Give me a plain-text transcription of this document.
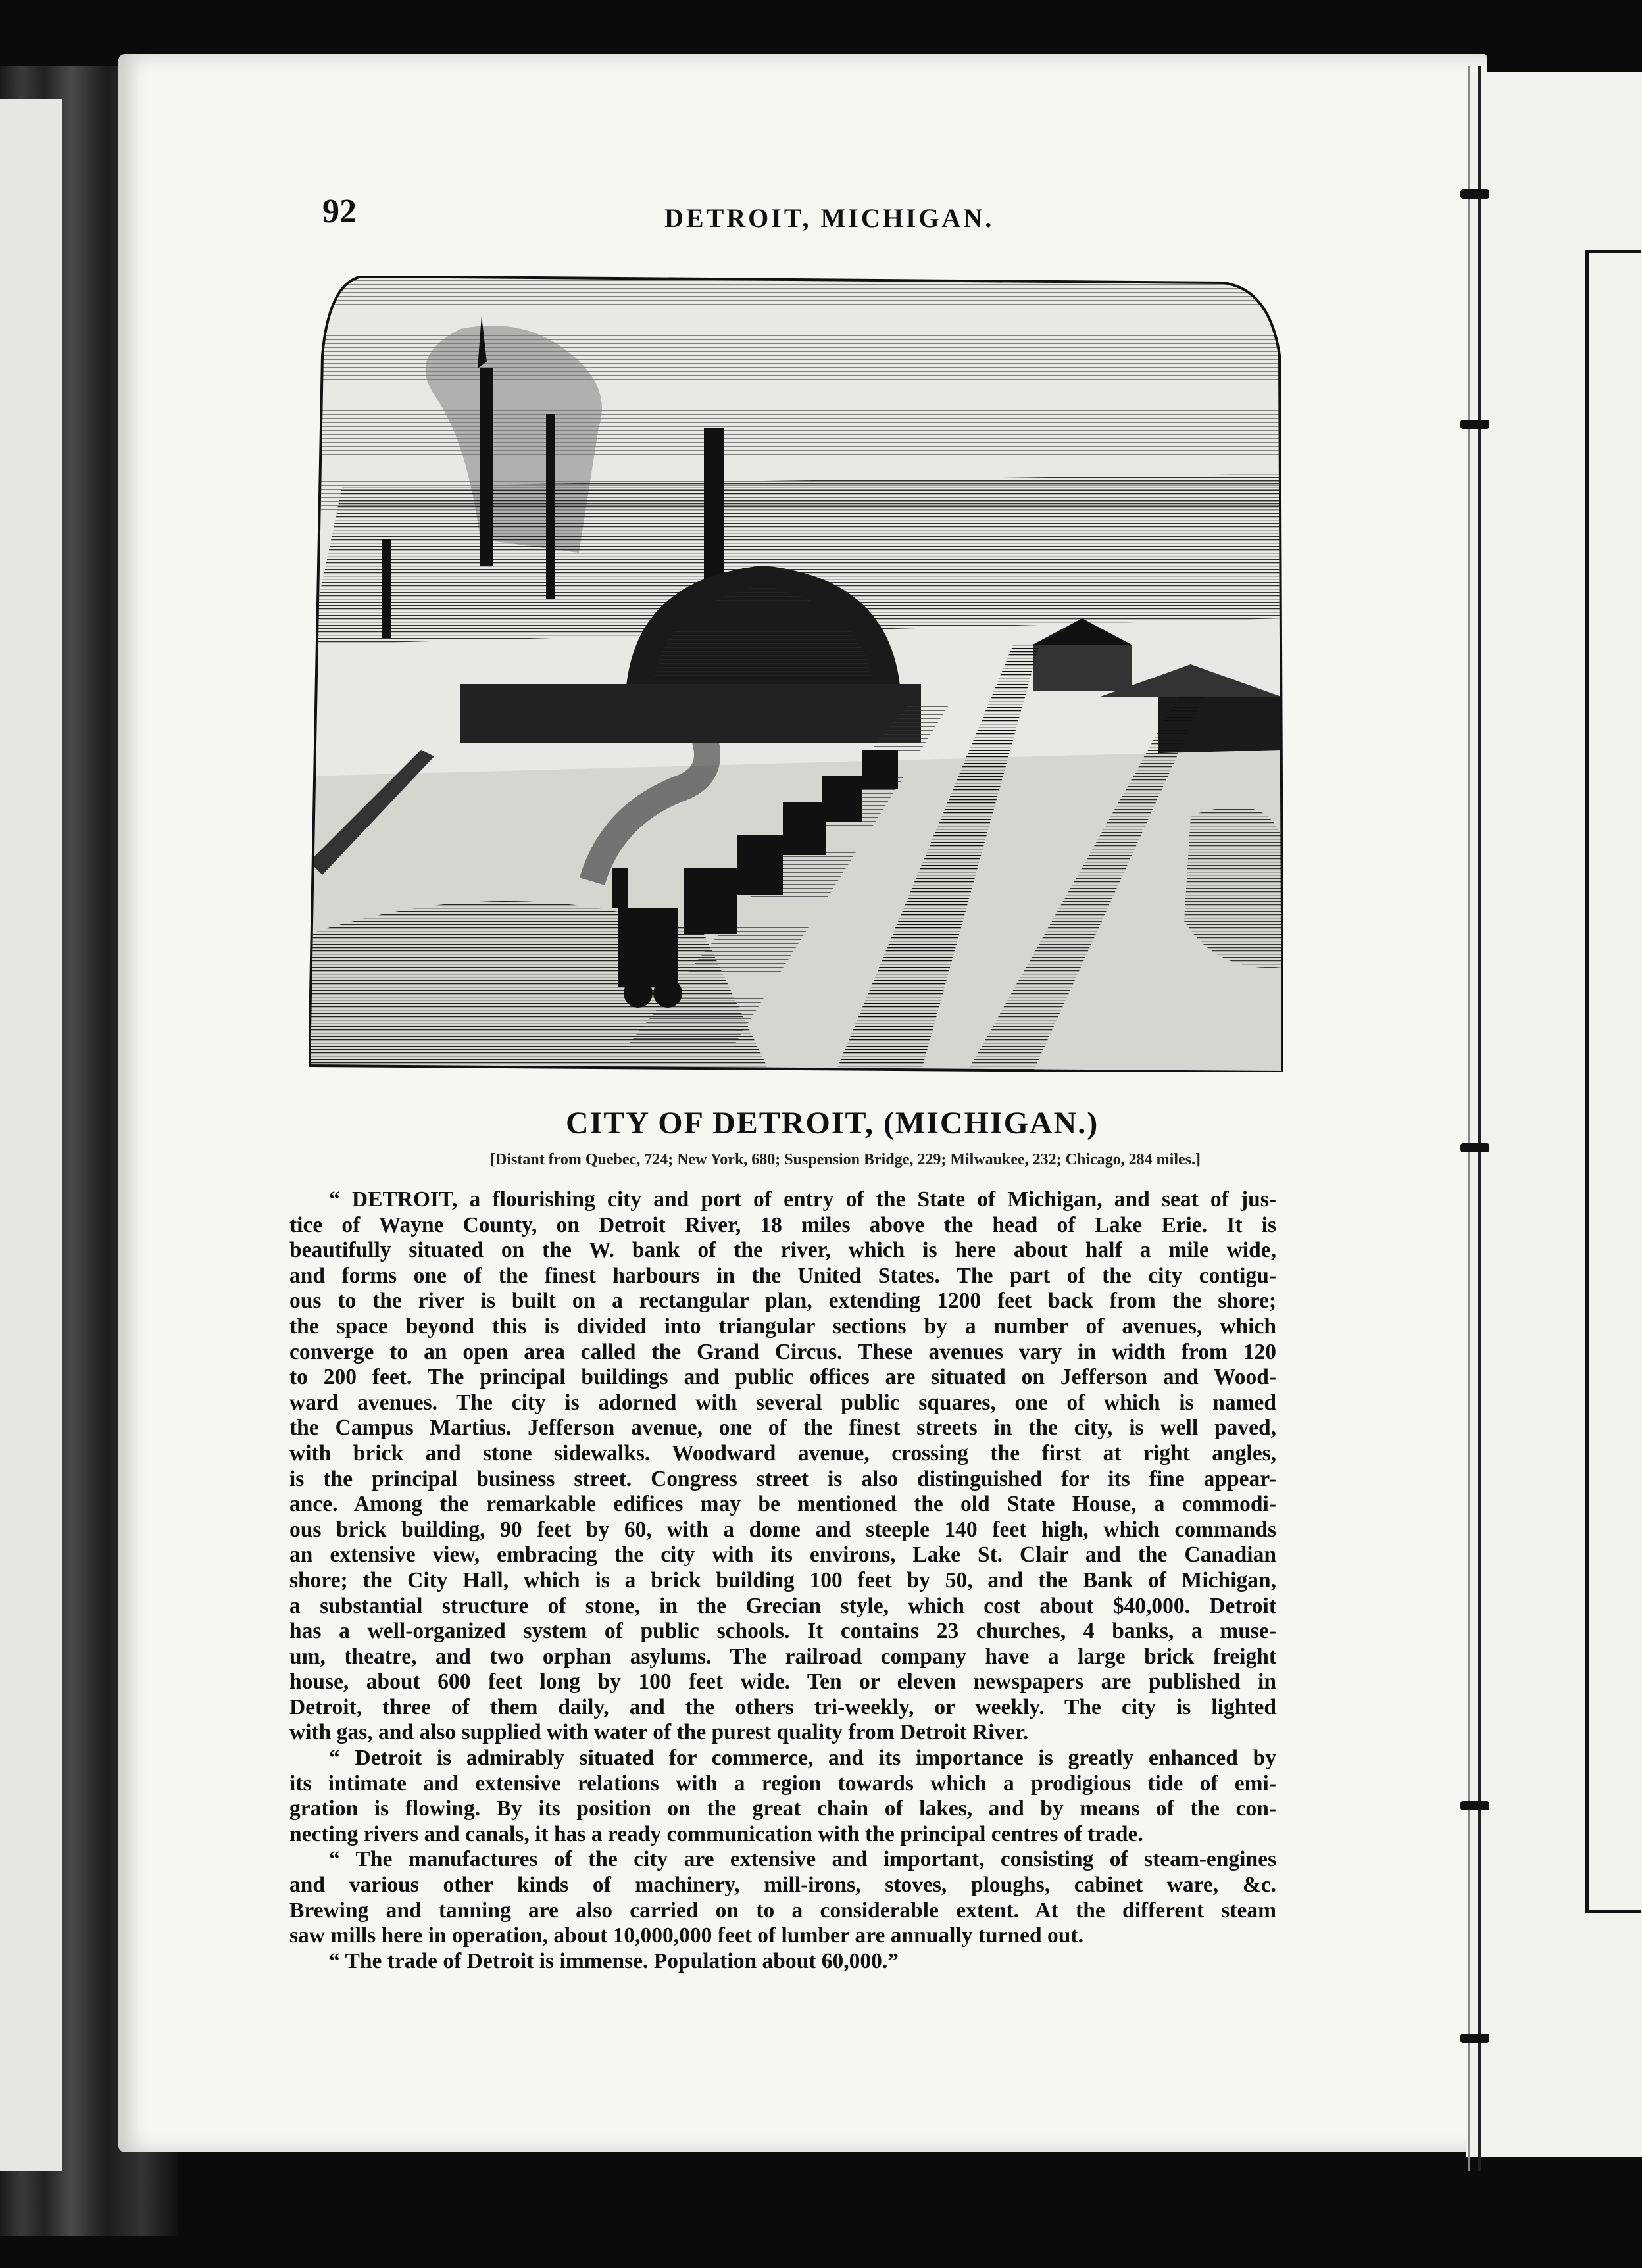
92	DETROIT, MICHIGAN.
CITY OF DETROIT, (MICHIGAN.)
[Distant from Quebec, 724; New York, 680; Suspension Bridge, 229; Milwaukee, 232; Chicago, 284 miles.]
“ DETROIT, a flourishing city and port of entry of the State of Michigan, and seat of jus-
tice of Wayne County, on Detroit River, 18 miles above the head of Lake Erie. It is
beautifully situated on the W. bank of the river, which is here about half a mile wide,
and forms one of the finest harbours in the United States. The part of the city contigu-
ous to the river is built on a rectangular plan, extending 1200 feet back from the shore;
the space beyond this is divided into triangular sections by a number of avenues, which
converge to an open area called the Grand Circus. These avenues vary in width from 120
to 200 feet. The principal buildings and public offices are situated on Jefferson and Wood-
ward avenues. The city is adorned with several public squares, one of which is named
the Campus Martius. Jefferson avenue, one of the finest streets in the city, is well paved,
with brick and stone sidewalks. Woodward avenue, crossing the first at right angles,
is the principal business street. Congress street is also distinguished for its fine appear-
ance. Among the remarkable edifices may be mentioned the old State House, a commodi-
ous brick building, 90 feet by 60, with a dome and steeple 140 feet high, which commands
an extensive view, embracing the city with its environs, Lake St. Clair and the Canadian
shore; the City Hall, which is a brick building 100 feet by 50, and the Bank of Michigan,
a substantial structure of stone, in the Grecian style, which cost about $40,000. Detroit
has a well-organized system of public schools. It contains 23 churches, 4 banks, a muse-
um, theatre, and two orphan asylums. The railroad company have a large brick freight
house, about 600 feet long by 100 feet wide. Ten or eleven newspapers are published in
Detroit, three of them daily, and the others tri-weekly, or weekly. The city is lighted
with gas, and also supplied with water of the purest quality from Detroit River.
“ Detroit is admirably situated for commerce, and its importance is greatly enhanced by
its intimate and extensive relations with a region towards which a prodigious tide of emi-
gration is flowing. By its position on the great chain of lakes, and by means of the con-
necting rivers and canals, it has a ready communication with the principal centres of trade.
“ The manufactures of the city are extensive and important, consisting of steam-engines
and various other kinds of machinery, mill-irons, stoves, ploughs, cabinet ware, &c.
Brewing and tanning are also carried on to a considerable extent. At the different steam
saw mills here in operation, about 10,000,000 feet of lumber are annually turned out.
“ The trade of Detroit is immense. Population about 60,000.”
